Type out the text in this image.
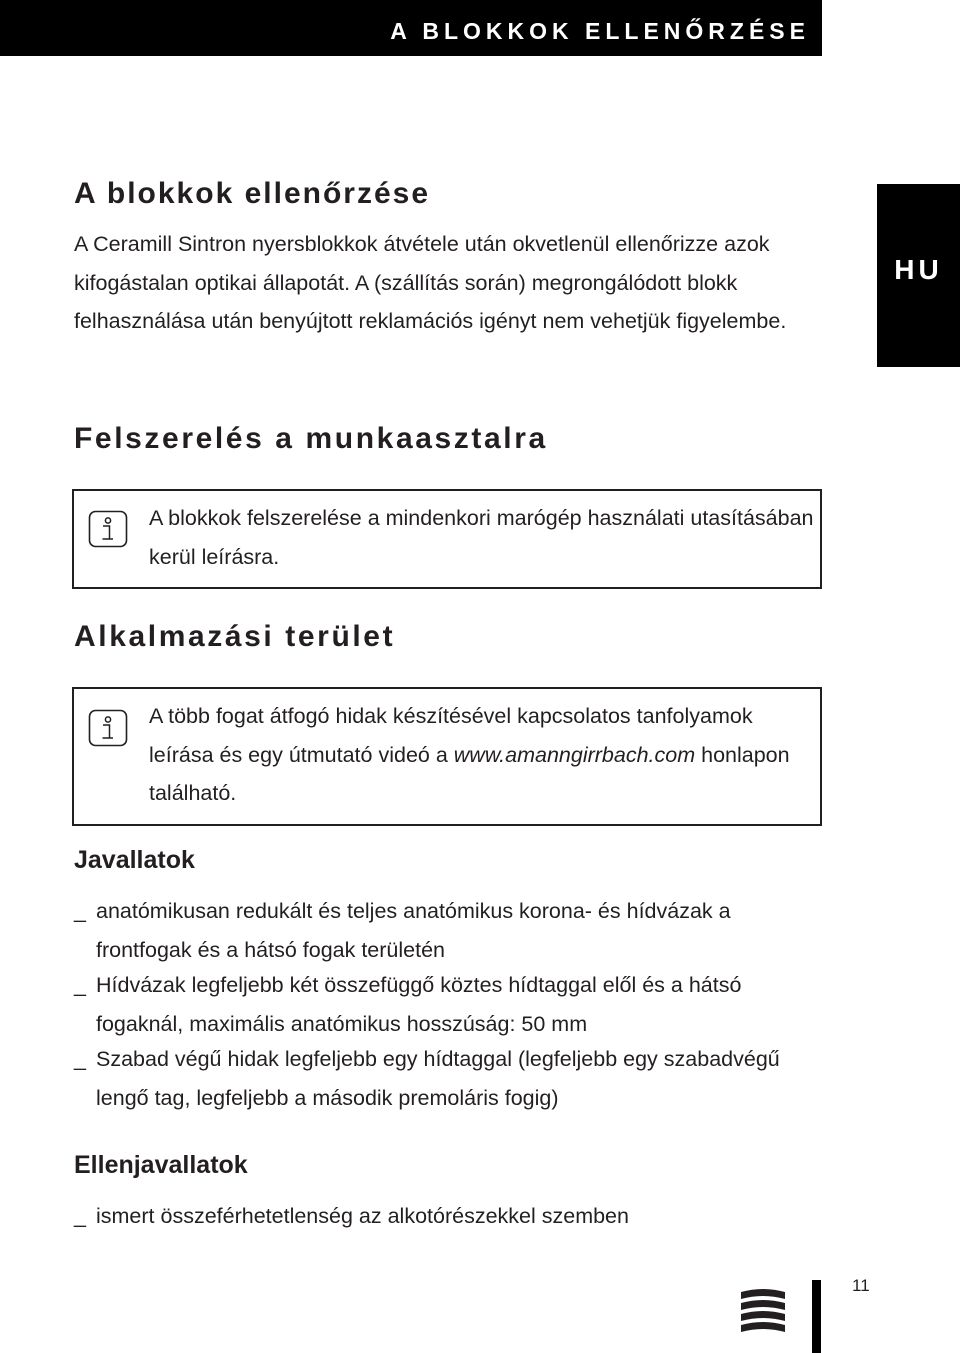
A BLOKKOK ELLENŐRZÉSE
HU
A blokkok ellenőrzése

A Ceramill Sintron nyersblokkok átvétele után okvetlenül ellenőrizze azok kifogástalan optikai állapotát. A (szállítás során) megrongálódott blokk felhasználása után benyújtott reklamációs igényt nem vehetjük figyelembe.

Felszerelés a munkaasztalra

A blokkok felszerelése a mindenkori marógép használati utasításában kerül leírásra.

Alkalmazási terület

A több fogat átfogó hidak készítésével kapcsolatos tanfolyamok leírása és egy útmutató videó a www.amanngirrbach.com honlapon található.

Javallatok
_ anatómikusan redukált és teljes anatómikus korona- és hídvázak a frontfogak és a hátsó fogak területén
_ Hídvázak legfeljebb két összefüggő köztes hídtaggal elől és a hátsó fogaknál, maximális anatómikus hosszúság: 50 mm
_ Szabad végű hidak legfeljebb egy hídtaggal (legfeljebb egy szabadvégű lengő tag, legfeljebb a második premoláris fogig)
Ellenjavallatok
_ ismert összeférhetetlenség az alkotórészekkel szemben
11
